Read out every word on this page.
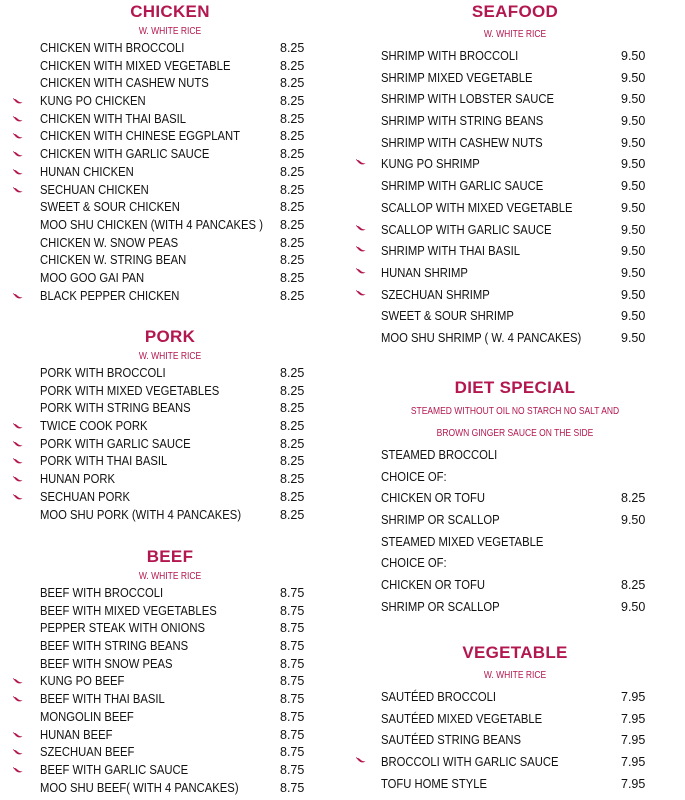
CHICKEN
W. WHITE RICE
CHICKEN WITH BROCCOLI	8.25
CHICKEN WITH MIXED VEGETABLE	8.25
CHICKEN WITH CASHEW NUTS	8.25
KUNG PO CHICKEN	8.25
CHICKEN WITH THAI BASIL	8.25
CHICKEN WITH CHINESE EGGPLANT	8.25
CHICKEN WITH GARLIC SAUCE	8.25
HUNAN CHICKEN	8.25
SECHUAN CHICKEN	8.25
SWEET & SOUR CHICKEN	8.25
MOO SHU CHICKEN (WITH 4 PANCAKES ) 8.25
CHICKEN W. SNOW PEAS	8.25
CHICKEN W. STRING BEAN	8.25
MOO GOO GAI PAN	8.25
BLACK PEPPER CHICKEN	8.25
PORK
W. WHITE RICE
PORK WITH BROCCOLI	8.25
PORK WITH MIXED VEGETABLES	8.25
PORK WITH STRING BEANS	8.25
TWICE COOK PORK	8.25
PORK WITH GARLIC SAUCE	8.25
PORK WITH THAI BASIL	8.25
HUNAN PORK	8.25
SECHUAN PORK	8.25
MOO SHU PORK (WITH 4 PANCAKES)	8.25
BEEF
W. WHITE RICE
BEEF WITH BROCCOLI	8.75
BEEF WITH MIXED VEGETABLES	8.75
PEPPER STEAK WITH ONIONS	8.75
BEEF WITH STRING BEANS	8.75
BEEF WITH SNOW PEAS	8.75
KUNG PO BEEF	8.75
BEEF WITH THAI BASIL	8.75
MONGOLIN BEEF	8.75
HUNAN BEEF	8.75
SZECHUAN BEEF	8.75
BEEF WITH GARLIC SAUCE	8.75
MOO SHU BEEF( WITH 4 PANCAKES)	8.75
SEAFOOD
W. WHITE RICE
SHRIMP WITH BROCCOLI	9.50
SHRIMP MIXED VEGETABLE	9.50
SHRIMP WITH LOBSTER SAUCE	9.50
SHRIMP WITH STRING BEANS	9.50
SHRIMP WITH CASHEW NUTS	9.50
KUNG PO SHRIMP	9.50
SHRIMP WITH GARLIC SAUCE	9.50
SCALLOP WITH MIXED VEGETABLE	9.50
SCALLOP WITH GARLIC SAUCE	9.50
SHRIMP WITH THAI BASIL	9.50
HUNAN SHRIMP	9.50
SZECHUAN SHRIMP	9.50
SWEET & SOUR SHRIMP	9.50
MOO SHU SHRIMP ( W. 4 PANCAKES)	9.50
DIET SPECIAL
STEAMED WITHOUT OIL NO STARCH NO SALT AND
BROWN GINGER SAUCE ON THE SIDE
STEAMED BROCCOLI
CHOICE OF:
CHICKEN OR TOFU	8.25
SHRIMP OR SCALLOP	9.50
STEAMED MIXED VEGETABLE
CHOICE OF:
CHICKEN OR TOFU	8.25
SHRIMP OR SCALLOP	9.50
VEGETABLE
W. WHITE RICE
SAUTÉED BROCCOLI	7.95
SAUTÉED MIXED VEGETABLE	7.95
SAUTÉED STRING BEANS	7.95
BROCCOLI WITH GARLIC SAUCE	7.95
TOFU HOME STYLE	7.95
